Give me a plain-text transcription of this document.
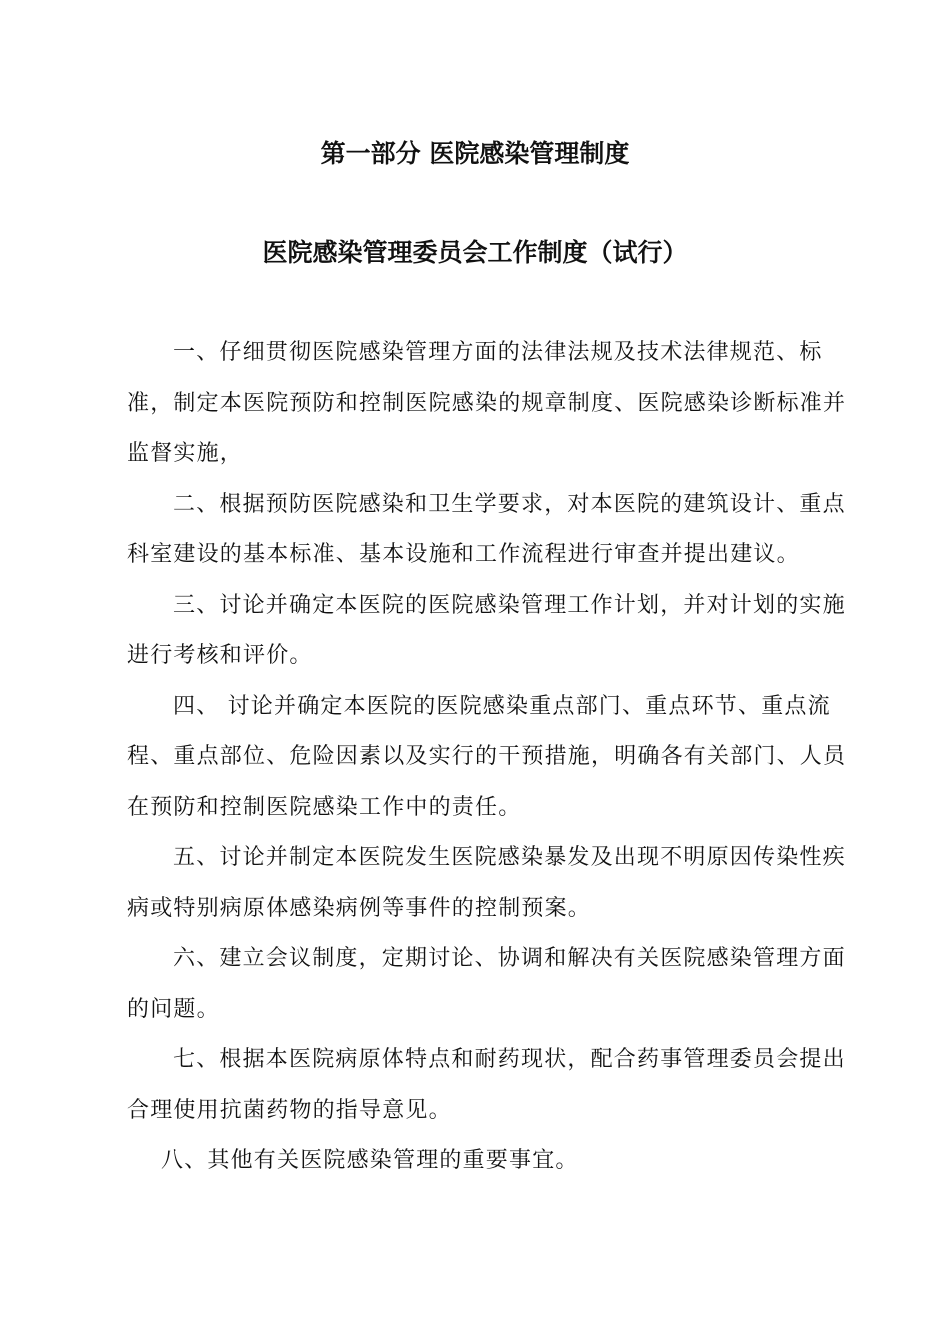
第一部分 医院感染管理制度
医院感染管理委员会工作制度（试行）

一、仔细贯彻医院感染管理方面的法律法规及技术法律规范、标准，制定本医院预防和控制医院感染的规章制度、医院感染诊断标准并监督实施，

二、根据预防医院感染和卫生学要求，对本医院的建筑设计、重点科室建设的基本标准、基本设施和工作流程进行审查并提出建议。

三、讨论并确定本医院的医院感染管理工作计划，并对计划的实施进行考核和评价。

四、 讨论并确定本医院的医院感染重点部门、重点环节、重点流程、重点部位、危险因素以及实行的干预措施，明确各有关部门、人员在预防和控制医院感染工作中的责任。

五、讨论并制定本医院发生医院感染暴发及出现不明原因传染性疾病或特别病原体感染病例等事件的控制预案。

六、建立会议制度，定期讨论、协调和解决有关医院感染管理方面的问题。

七、根据本医院病原体特点和耐药现状，配合药事管理委员会提出合理使用抗菌药物的指导意见。

八、其他有关医院感染管理的重要事宜。
